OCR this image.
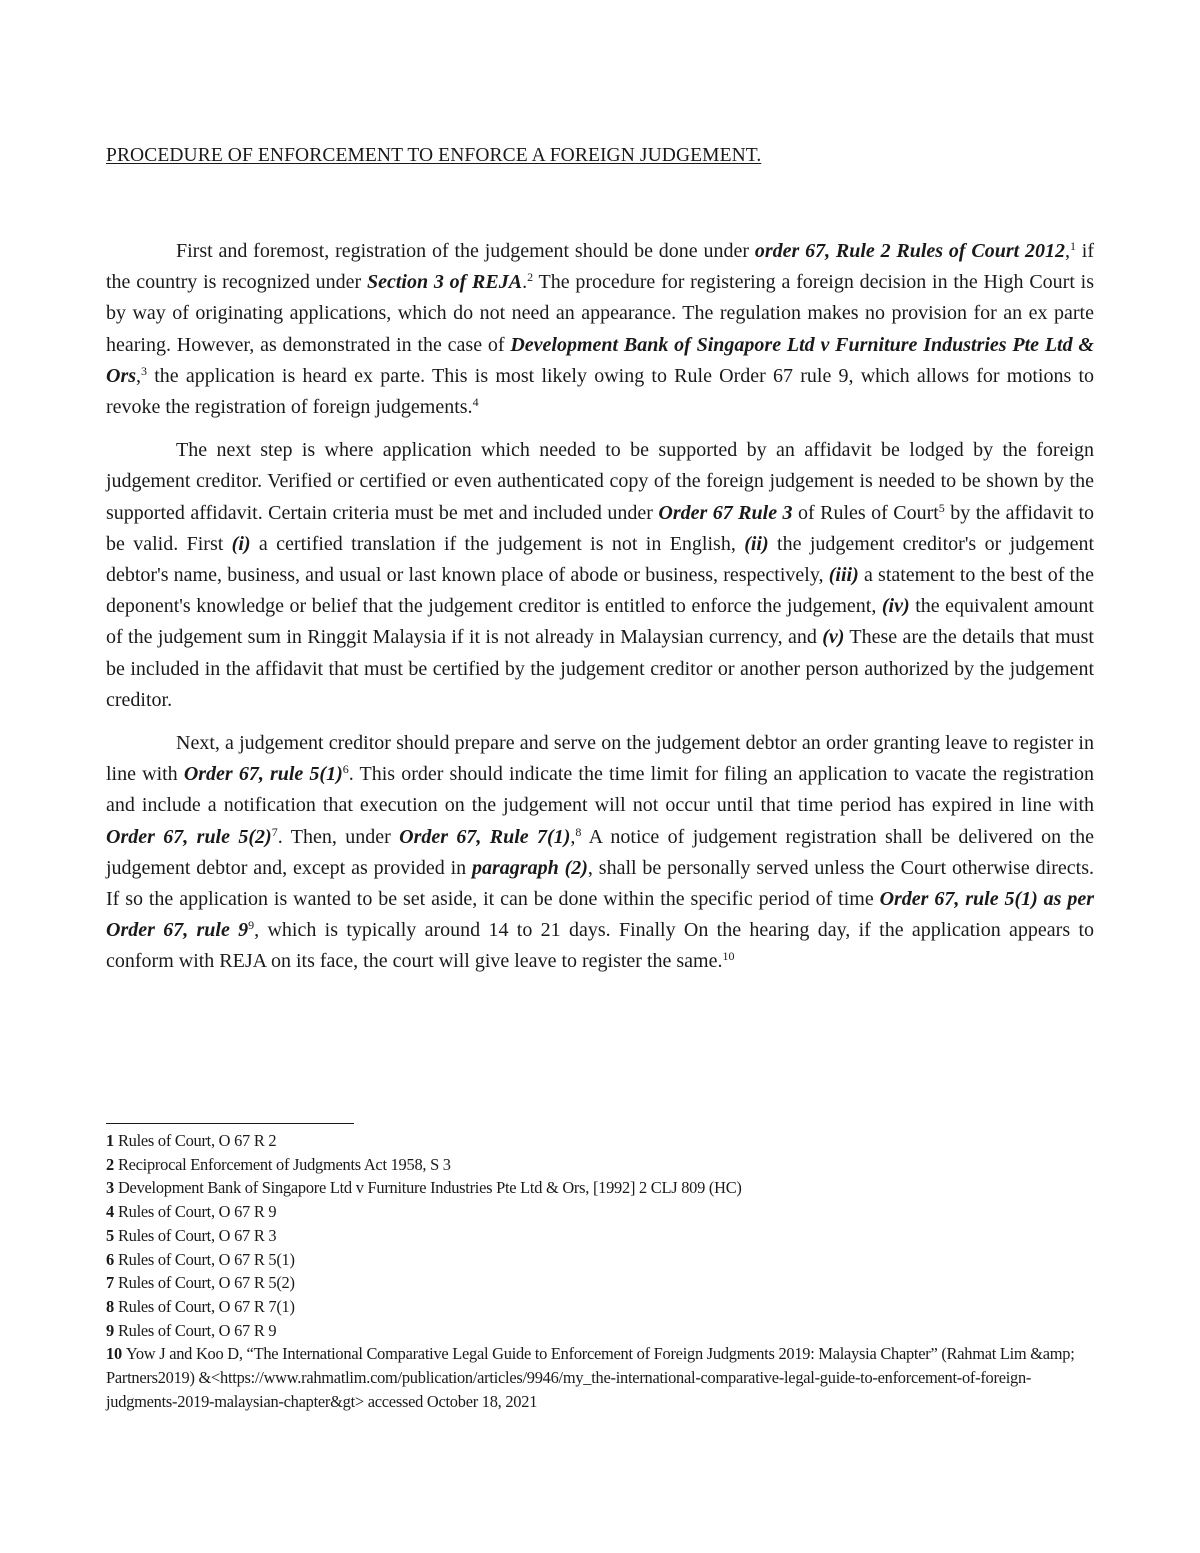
PROCEDURE OF ENFORCEMENT TO ENFORCE A FOREIGN JUDGEMENT.

First and foremost, registration of the judgement should be done under order 67, Rule 2 Rules of Court 2012,$^1$ if the country is recognized under Section 3 of REJA.$^2$ The procedure for registering a foreign decision in the High Court is by way of originating applications, which do not need an appearance. The regulation makes no provision for an ex parte hearing. However, as demonstrated in the case of Development Bank of Singapore Ltd v Furniture Industries Pte Ltd & Ors,$^3$ the application is heard ex parte. This is most likely owing to Rule Order 67 rule 9, which allows for motions to revoke the registration of foreign judgements.$^4$

The next step is where application which needed to be supported by an affidavit be lodged by the foreign judgement creditor. Verified or certified or even authenticated copy of the foreign judgement is needed to be shown by the supported affidavit. Certain criteria must be met and included under Order 67 Rule 3 of Rules of Court$^5$ by the affidavit to be valid. First (i) a certified translation if the judgement is not in English, (ii) the judgement creditor's or judgement debtor's name, business, and usual or last known place of abode or business, respectively, (iii) a statement to the best of the deponent's knowledge or belief that the judgement creditor is entitled to enforce the judgement, (iv) the equivalent amount of the judgement sum in Ringgit Malaysia if it is not already in Malaysian currency, and (v) These are the details that must be included in the affidavit that must be certified by the judgement creditor or another person authorized by the judgement creditor.

Next, a judgement creditor should prepare and serve on the judgement debtor an order granting leave to register in line with Order 67, rule $5(1)^6$. This order should indicate the time limit for filing an application to vacate the registration and include a notification that execution on the judgement will not occur until that time period has expired in line with Order 67, rule $5(2)^7$. Then, under Order 67, Rule 7(1),$^8$ A notice of judgement registration shall be delivered on the judgement debtor and, except as provided in paragraph (2), shall be personally served unless the Court otherwise directs. If so the application is wanted to be set aside, it can be done within the specific period of time Order 67, rule 5(1) as per Order 67, rule $9^9$, which is typically around 14 to 21 days. Finally On the hearing day, if the application appears to conform with REJA on its face, the court will give leave to register the same.$^{10}$

1 Rules of Court, O 67 R 2
2 Reciprocal Enforcement of Judgments Act 1958, S 3
3 Development Bank of Singapore Ltd v Furniture Industries Pte Ltd & Ors, [1992] 2 CLJ 809 (HC)
4 Rules of Court, O 67 R 9
5 Rules of Court, O 67 R 3
6 Rules of Court, O 67 R 5(1)
7 Rules of Court, O 67 R 5(2)
8 Rules of Court, O 67 R 7(1)
9 Rules of Court, O 67 R 9
10 Yow J and Koo D, “The International Comparative Legal Guide to Enforcement of Foreign Judgments 2019: Malaysia Chapter” (Rahmat Lim &amp; Partners2019) &<https://www.rahmatlim.com/publication/articles/9946/my_the-international-comparative-legal-guide-to-enforcement-of-foreign-judgments-2019-malaysian-chapter&gt> accessed October 18, 2021
